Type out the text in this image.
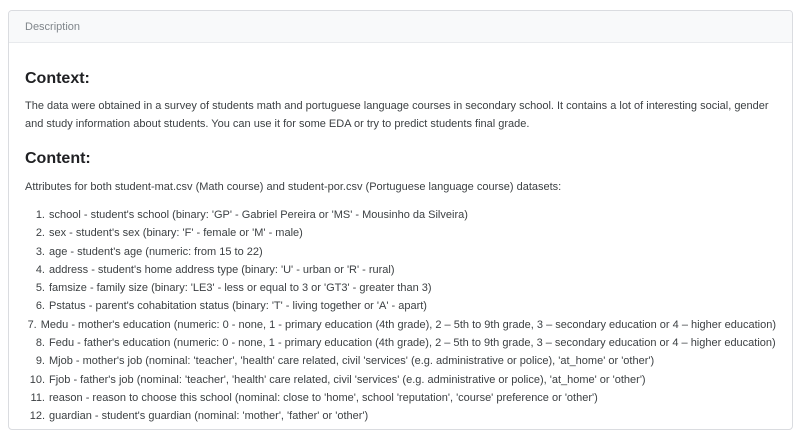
Description
Context:

The data were obtained in a survey of students math and portuguese language courses in secondary school. It contains a lot of interesting social, gender and study information about students. You can use it for some EDA or try to predict students final grade.

Content:

Attributes for both student-mat.csv (Math course) and student-por.csv (Portuguese language course) datasets:

1. school - student's school (binary: 'GP' - Gabriel Pereira or 'MS' - Mousinho da Silveira)
2. sex - student's sex (binary: 'F' - female or 'M' - male)
3. age - student's age (numeric: from 15 to 22)
4. address - student's home address type (binary: 'U' - urban or 'R' - rural)
5. famsize - family size (binary: 'LE3' - less or equal to 3 or 'GT3' - greater than 3)
6. Pstatus - parent's cohabitation status (binary: 'T' - living together or 'A' - apart)
7. Medu - mother's education (numeric: 0 - none, 1 - primary education (4th grade), 2 – 5th to 9th grade, 3 – secondary education or 4 – higher education)
8. Fedu - father's education (numeric: 0 - none, 1 - primary education (4th grade), 2 – 5th to 9th grade, 3 – secondary education or 4 – higher education)
9. Mjob - mother's job (nominal: 'teacher', 'health' care related, civil 'services' (e.g. administrative or police), 'at_home' or 'other')
10. Fjob - father's job (nominal: 'teacher', 'health' care related, civil 'services' (e.g. administrative or police), 'at_home' or 'other')
11. reason - reason to choose this school (nominal: close to 'home', school 'reputation', 'course' preference or 'other')
12. guardian - student's guardian (nominal: 'mother', 'father' or 'other')
